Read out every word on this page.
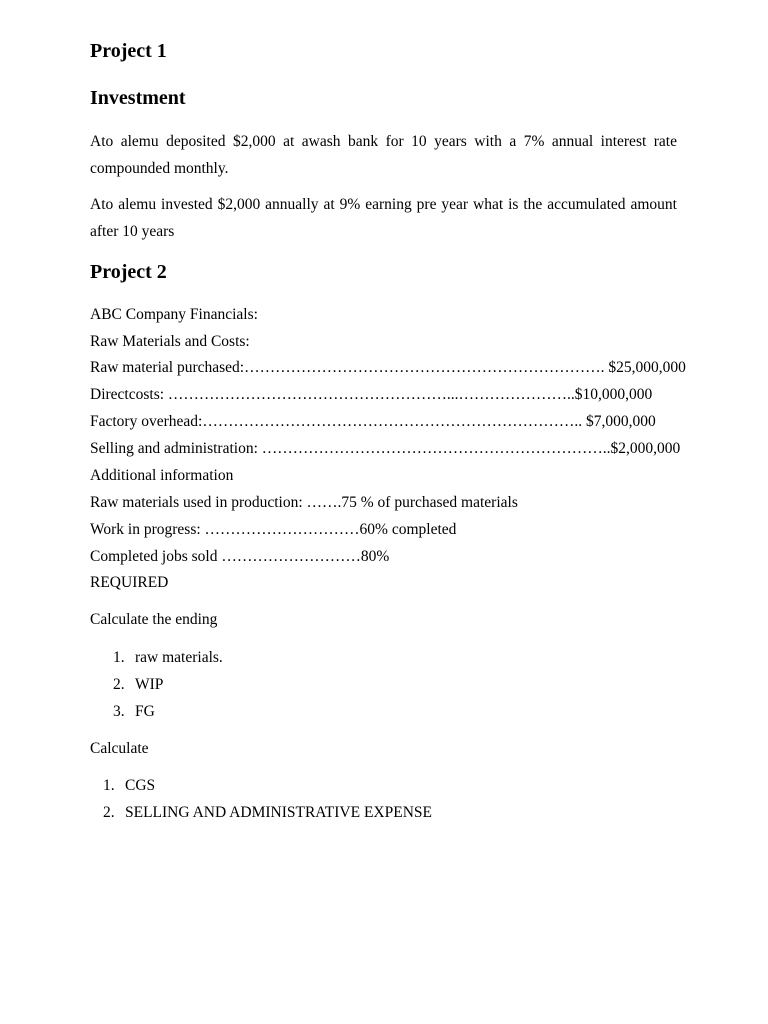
Project 1
Investment

Ato alemu deposited $2,000 at awash bank for 10 years with a 7% annual interest rate compounded monthly.

Ato alemu invested $2,000 annually at 9% earning pre year what is the accumulated amount after 10 years

Project 2

ABC Company Financials:

Raw Materials and Costs:

Raw material purchased:……………………………………………………………. $25,000,000

Directcosts: ………………………………………………...…………………..$10,000,000

Factory overhead:……………………………………………………………….. $7,000,000

Selling and administration: …………………………………………………………..$2,000,000

Additional information

Raw materials used in production: …….75 % of purchased materials

Work in progress: …………………………60% completed

Completed jobs sold ………………………80%

REQUIRED

Calculate the ending

1. raw materials.
2. WIP
3. FG

Calculate

1. CGS
2. SELLING AND ADMINISTRATIVE EXPENSE
